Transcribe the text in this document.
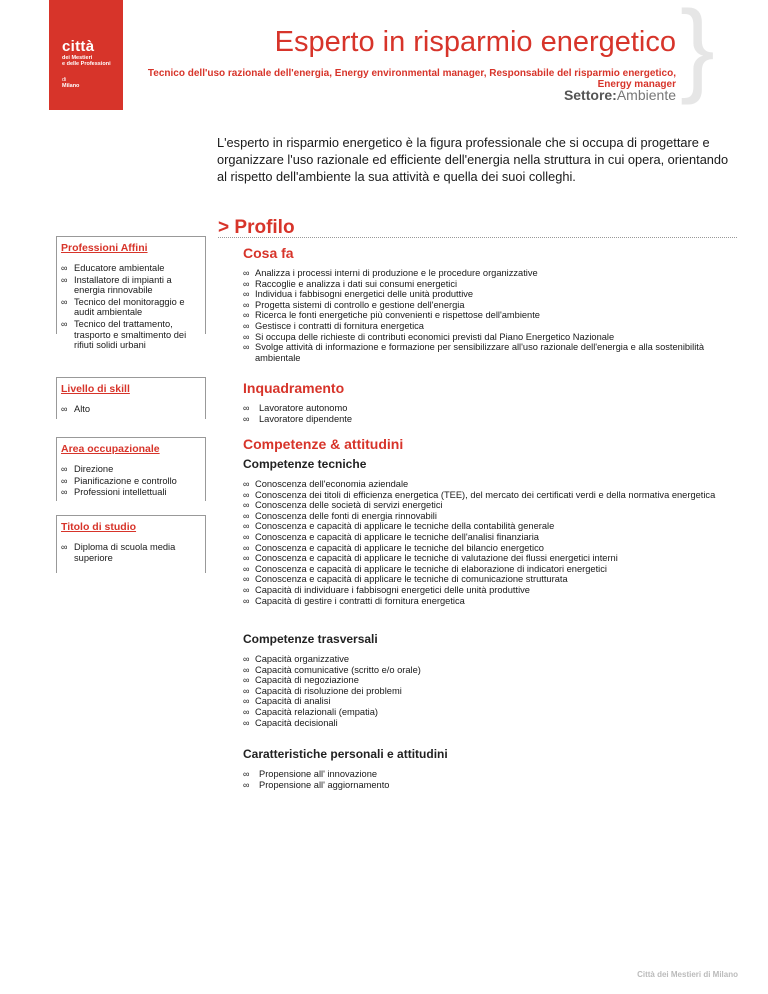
città
dei Mestieri
e delle Professioni
di
Milano
Esperto in risparmio energetico
Tecnico dell'uso razionale dell'energia, Energy environmental manager, Responsabile del risparmio energetico, Energy manager
Settore:Ambiente }

L'esperto in risparmio energetico è la figura professionale che si occupa di progettare e organizzare l'uso razionale ed efficiente dell'energia nella struttura in cui opera, orientando al rispetto dell'ambiente la sua attività e quella dei suoi colleghi.

> Profilo
Professioni Affini
∞ Educatore ambientale
∞ Installatore di impianti a energia rinnovabile
∞ Tecnico del monitoraggio e audit ambientale
∞ Tecnico del trattamento, trasporto e smaltimento dei rifiuti solidi urbani
Livello di skill
∞ Alto
Area occupazionale
∞ Direzione
∞ Pianificazione e controllo
∞ Professioni intellettuali
Titolo di studio
∞ Diploma di scuola media superiore
Cosa fa
∞ Analizza i processi interni di produzione e le procedure organizzative
∞ Raccoglie e analizza i dati sui consumi energetici
∞ Individua i fabbisogni energetici delle unità produttive
∞ Progetta sistemi di controllo e gestione dell'energia
∞ Ricerca le fonti energetiche più convenienti e rispettose dell'ambiente
∞ Gestisce i contratti di fornitura energetica
∞ Si occupa delle richieste di contributi economici previsti dal Piano Energetico Nazionale
∞ Svolge attività di informazione e formazione per sensibilizzare all'uso razionale dell'energia e alla sostenibilità ambientale
Inquadramento
∞ Lavoratore autonomo
∞ Lavoratore dipendente
Competenze & attitudini
Competenze tecniche
∞ Conoscenza dell'economia aziendale
∞ Conoscenza dei titoli di efficienza energetica (TEE), del mercato dei certificati verdi e della normativa energetica
∞ Conoscenza delle società di servizi energetici
∞ Conoscenza delle fonti di energia rinnovabili
∞ Conoscenza e capacità di applicare le tecniche della contabilità generale
∞ Conoscenza e capacità di applicare le tecniche dell'analisi finanziaria
∞ Conoscenza e capacità di applicare le tecniche del bilancio energetico
∞ Conoscenza e capacità di applicare le tecniche di valutazione dei flussi energetici interni
∞ Conoscenza e capacità di applicare le tecniche di elaborazione di indicatori energetici
∞ Conoscenza e capacità di applicare le tecniche di comunicazione strutturata
∞ Capacità di individuare i fabbisogni energetici delle unità produttive
∞ Capacità di gestire i contratti di fornitura energetica
Competenze trasversali
∞ Capacità organizzative
∞ Capacità comunicative (scritto e/o orale)
∞ Capacità di negoziazione
∞ Capacità di risoluzione dei problemi
∞ Capacità di analisi
∞ Capacità relazionali (empatia)
∞ Capacità decisionali
Caratteristiche personali e attitudini
∞ Propensione all' innovazione
∞ Propensione all' aggiornamento
Città dei Mestieri di Milano
